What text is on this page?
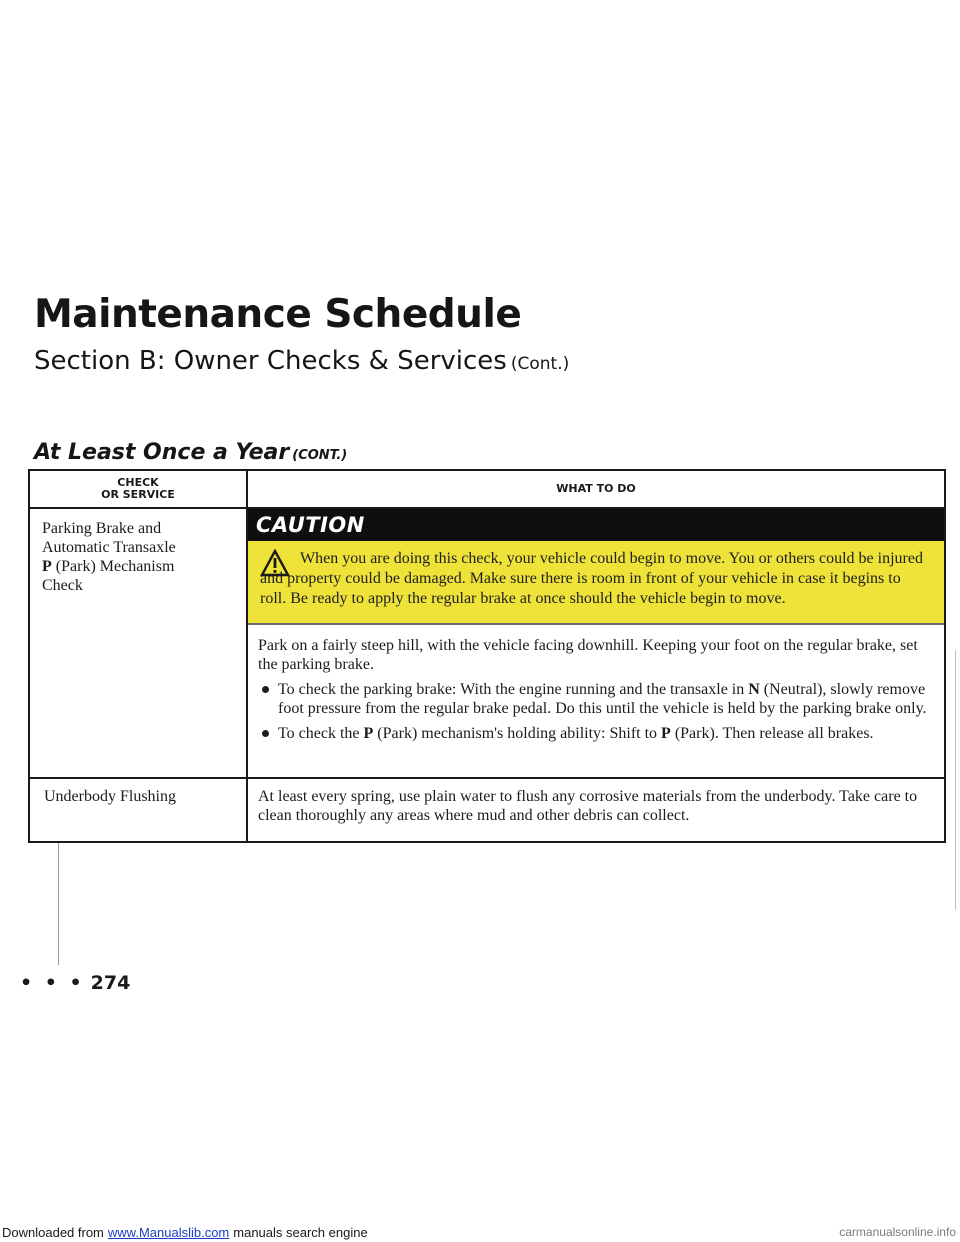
Maintenance Schedule
Section B: Owner Checks & Services (Cont.)
At Least Once a Year (CONT.)
CHECK
OR SERVICE	WHAT TO DO
Parking Brake and
Automatic Transaxle
P (Park) Mechanism
Check
Underbody Flushing
CAUTION
When you are doing this check, your vehicle could begin to move. You or others could be injured and property could be damaged. Make sure there is room in front of your vehicle in case it begins to roll. Be ready to apply the regular brake at once should the vehicle begin to move.

Park on a fairly steep hill, with the vehicle facing downhill. Keeping your foot on the regular brake, set the parking brake.

To check the parking brake: With the engine running and the transaxle in N (Neutral), slowly remove foot pressure from the regular brake pedal. Do this until the vehicle is held by the parking brake only.

To check the P (Park) mechanism's holding ability: Shift to P (Park). Then release all brakes.

At least every spring, use plain water to flush any corrosive materials from the underbody. Take care to clean thoroughly any areas where mud and other debris can collect.
• • • 274
Downloaded from www.Manualslib.com manuals search engine	carmanualsonline.info
